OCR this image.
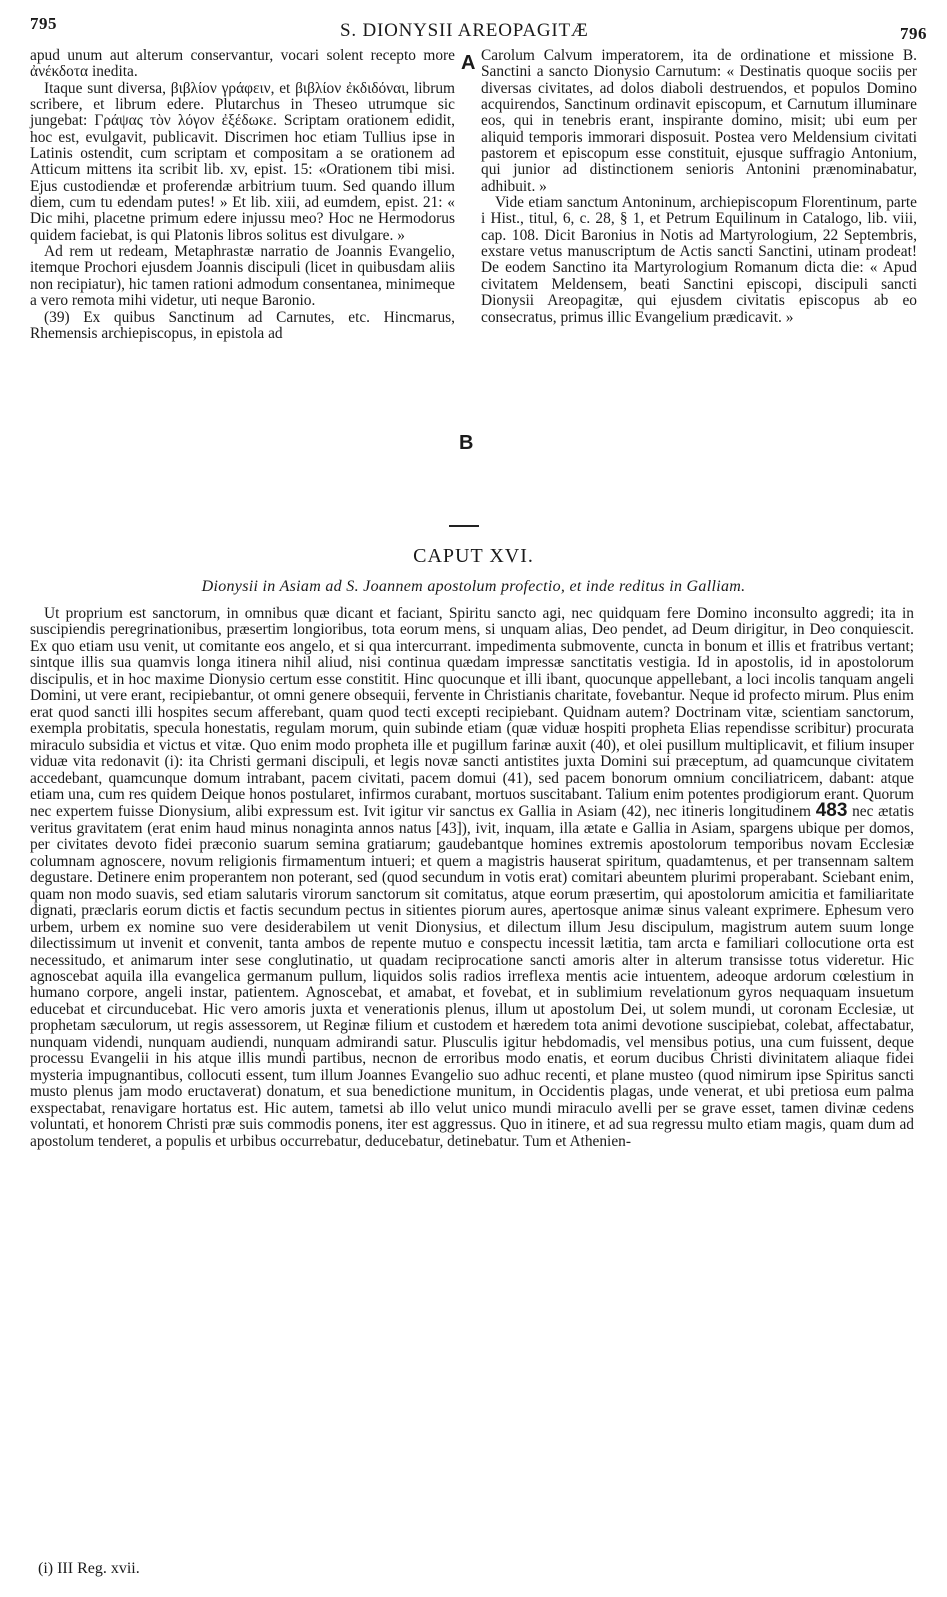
795	S. DIONYSII AREOPAGITÆ	796

apud unum aut alterum conservantur, vocari solent recepto more ἀνέκδοτα inedita.

Itaque sunt diversa, βιβλίον γράφειν, et βιβλίον ἐκδιδόναι, librum scribere, et librum edere. Plutarchus in Theseo utrumque sic jungebat: Γράψας τὸν λόγον ἐξέδωκε. Scriptam orationem edidit, hoc est, evulgavit, publicavit. Discrimen hoc etiam Tullius ipse in Latinis ostendit, cum scriptam et compositam a se orationem ad Atticum mittens ita scribit lib. xv, epist. 15: «Orationem tibi misi. Ejus custodiendæ et proferendæ arbitrium tuum. Sed quando illum diem, cum tu edendam putes! » Et lib. xiii, ad eumdem, epist. 21: « Dic mihi, placetne primum edere injussu meo? Hoc ne Hermodorus quidem faciebat, is qui Platonis libros solitus est divulgare. »

Ad rem ut redeam, Metaphrastæ narratio de Joannis Evangelio, itemque Prochori ejusdem Joannis discipuli (licet in quibusdam aliis non recipiatur), hic tamen rationi admodum consentanea, minimeque a vero remota mihi videtur, uti neque Baronio.

(39) Ex quibus Sanctinum ad Carnutes, etc. Hincmarus, Rhemensis archiepiscopus, in epistola ad

A
B

Carolum Calvum imperatorem, ita de ordinatione et missione B. Sanctini a sancto Dionysio Carnutum: « Destinatis quoque sociis per diversas civitates, ad dolos diaboli destruendos, et populos Domino acquirendos, Sanctinum ordinavit episcopum, et Carnutum illuminare eos, qui in tenebris erant, inspirante domino, misit; ubi eum per aliquid temporis immorari disposuit. Postea vero Meldensium civitati pastorem et episcopum esse constituit, ejusque suffragio Antonium, qui junior ad distinctionem senioris Antonini prænominabatur, adhibuit. »

Vide etiam sanctum Antoninum, archiepiscopum Florentinum, parte i Hist., titul, 6, c. 28, § 1, et Petrum Equilinum in Catalogo, lib. viii, cap. 108. Dicit Baronius in Notis ad Martyrologium, 22 Septembris, exstare vetus manuscriptum de Actis sancti Sanctini, utinam prodeat! De eodem Sanctino ita Martyrologium Romanum dicta die: « Apud civitatem Meldensem, beati Sanctini episcopi, discipuli sancti Dionysii Areopagitæ, qui ejusdem civitatis episcopus ab eo consecratus, primus illic Evangelium prædicavit. »

CAPUT XVI.
Dionysii in Asiam ad S. Joannem apostolum profectio, et inde reditus in Galliam.

Ut proprium est sanctorum, in omnibus quæ dicant et faciant, Spiritu sancto agi, nec quidquam fere Domino inconsulto aggredi; ita in suscipiendis peregrinationibus, præsertim longioribus, tota eorum mens, si unquam alias, Deo pendet, ad Deum dirigitur, in Deo conquiescit. Ex quo etiam usu venit, ut comitante eos angelo, et si qua intercurrant. impedimenta submovente, cuncta in bonum et illis et fratribus vertant; sintque illis sua quamvis longa itinera nihil aliud, nisi continua quædam impressæ sanctitatis vestigia. Id in apostolis, id in apostolorum discipulis, et in hoc maxime Dionysio certum esse constitit. Hinc quocunque et illi ibant, quocunque appellebant, a loci incolis tanquam angeli Domini, ut vere erant, recipiebantur, ot omni genere obsequii, fervente in Christianis charitate, fovebantur. Neque id profecto mirum. Plus enim erat quod sancti illi hospites secum afferebant, quam quod tecti excepti recipiebant. Quidnam autem? Doctrinam vitæ, scientiam sanctorum, exempla probitatis, specula honestatis, regulam morum, quin subinde etiam (quæ viduæ hospiti propheta Elias rependisse scribitur) procurata miraculo subsidia et victus et vitæ. Quo enim modo propheta ille et pugillum farinæ auxit (40), et olei pusillum multiplicavit, et filium insuper viduæ vita redonavit (i): ita Christi germani discipuli, et legis novæ sancti antistites juxta Domini sui præceptum, ad quamcunque civitatem accedebant, quamcunque domum intrabant, pacem civitati, pacem domui (41), sed pacem bonorum omnium conciliatricem, dabant: atque etiam una, cum res quidem Deique honos postularet, infirmos curabant, mortuos suscitabant. Talium enim potentes prodigiorum erant. Quorum nec expertem fuisse Dionysium, alibi expressum est. Ivit igitur vir sanctus ex Gallia in Asiam (42), nec itineris longitudinem 483 nec ætatis veritus gravitatem (erat enim haud minus nonaginta annos natus [43]), ivit, inquam, illa ætate e Gallia in Asiam, spargens ubique per domos, per civitates devoto fidei præconio suarum semina gratiarum; gaudebantque homines extremis apostolorum temporibus novam Ecclesiæ columnam agnoscere, novum religionis firmamentum intueri; et quem a magistris hauserat spiritum, quadamtenus, et per transennam saltem degustare. Detinere enim properantem non poterant, sed (quod secundum in votis erat) comitari abeuntem plurimi properabant. Sciebant enim, quam non modo suavis, sed etiam salutaris virorum sanctorum sit comitatus, atque eorum præsertim, qui apostolorum amicitia et familiaritate dignati, præclaris eorum dictis et factis secundum pectus in sitientes piorum aures, apertosque animæ sinus valeant exprimere. Ephesum vero urbem, urbem ex nomine suo vere desiderabilem ut venit Dionysius, et dilectum illum Jesu discipulum, magistrum autem suum longe dilectissimum ut invenit et convenit, tanta ambos de repente mutuo e conspectu incessit lætitia, tam arcta e familiari collocutione orta est necessitudo, et animarum inter sese conglutinatio, ut quadam reciprocatione sancti amoris alter in alterum transisse totus videretur. Hic agnoscebat aquila illa evangelica germanum pullum, liquidos solis radios irreflexa mentis acie intuentem, adeoque ardorum cœlestium in humano corpore, angeli instar, patientem. Agnoscebat, et amabat, et fovebat, et in sublimium revelationum gyros nequaquam insuetum educebat et circunducebat. Hic vero amoris juxta et venerationis plenus, illum ut apostolum Dei, ut solem mundi, ut coronam Ecclesiæ, ut prophetam sæculorum, ut regis assessorem, ut Reginæ filium et custodem et hæredem tota animi devotione suscipiebat, colebat, affectabatur, nunquam videndi, nunquam audiendi, nunquam admirandi satur. Plusculis igitur hebdomadis, vel mensibus potius, una cum fuissent, deque processu Evangelii in his atque illis mundi partibus, necnon de erroribus modo enatis, et eorum ducibus Christi divinitatem aliaque fidei mysteria impugnantibus, collocuti essent, tum illum Joannes Evangelio suo adhuc recenti, et plane musteo (quod nimirum ipse Spiritus sancti musto plenus jam modo eructaverat) donatum, et sua benedictione munitum, in Occidentis plagas, unde venerat, et ubi pretiosa eum palma exspectabat, renavigare hortatus est. Hic autem, tametsi ab illo velut unico mundi miraculo avelli per se grave esset, tamen divinæ cedens voluntati, et honorem Christi præ suis commodis ponens, iter est aggressus. Quo in itinere, et ad sua regressu multo etiam magis, quam dum ad apostolum tenderet, a populis et urbibus occurrebatur, deducebatur, detinebatur. Tum et Athenien-

(i) III Reg. xvii.
